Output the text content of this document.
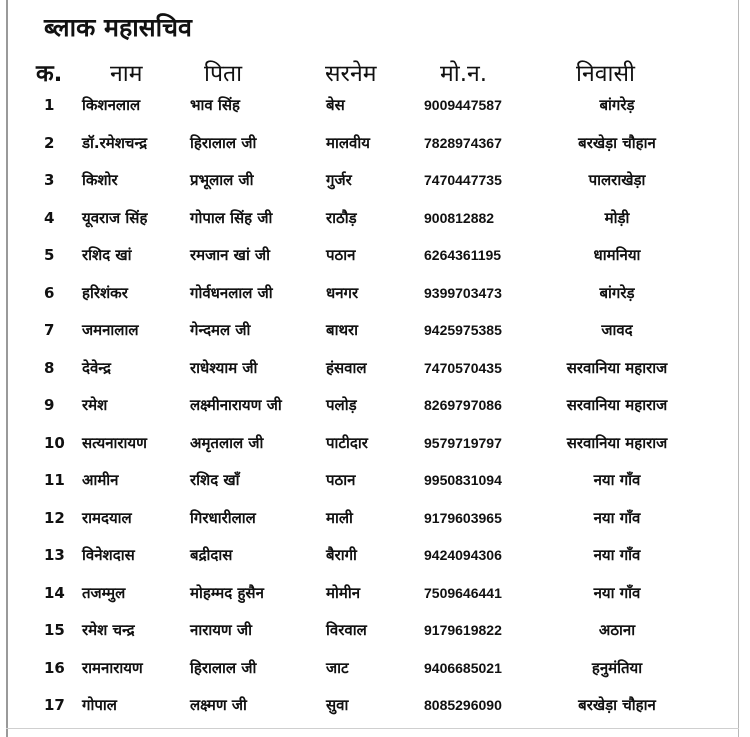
ब्लाक महासचिव
क. नाम	पिता	सरनेम	मो.न.	निवासी
1	किशनलाल	भाव सिंह	बेस	9009447587	बांगरेड़
2	डॉ.रमेशचन्द्र	हिरालाल जी	मालवीय	7828974367	बरखेड़ा चौहान
3	किशोर	प्रभूलाल जी	गुर्जर	7470447735	पालराखेड़ा
4	यूवराज सिंह	गोपाल सिंह जी	राठौड़	900812882	मोड़ी
5	रशिद खां	रमजान खां जी	पठान	6264361195	धामनिया
6	हरिशंकर	गोर्वधनलाल जी	धनगर	9399703473	बांगरेड़
7	जमनालाल	गेन्दमल जी	बाथरा	9425975385	जावद
8	देवेन्द्र	राधेश्याम जी	हंसवाल	7470570435	सरवानिया महाराज
9	रमेश	लक्ष्मीनारायण जी	पलोड़	8269797086	सरवानिया महाराज
10	सत्यनारायण	अमृतलाल जी	पाटीदार	9579719797	सरवानिया महाराज
11	आमीन	रशिद खॉं	पठान	9950831094	नया गॉंव
12	रामदयाल	गिरधारीलाल	माली	9179603965	नया गॉंव
13	विनेशदास	बद्रीदास	बैरागी	9424094306	नया गॉंव
14	तजम्मुल	मोहम्मद हुसैन	मोमीन	7509646441	नया गॉंव
15	रमेश चन्द्र	नारायण जी	विरवाल	9179619822	अठाना
16	रामनारायण	हिरालाल जी	जाट	9406685021	हनुमंतिया
17	गोपाल	लक्ष्मण जी	सुवा	8085296090	बरखेड़ा चौहान
